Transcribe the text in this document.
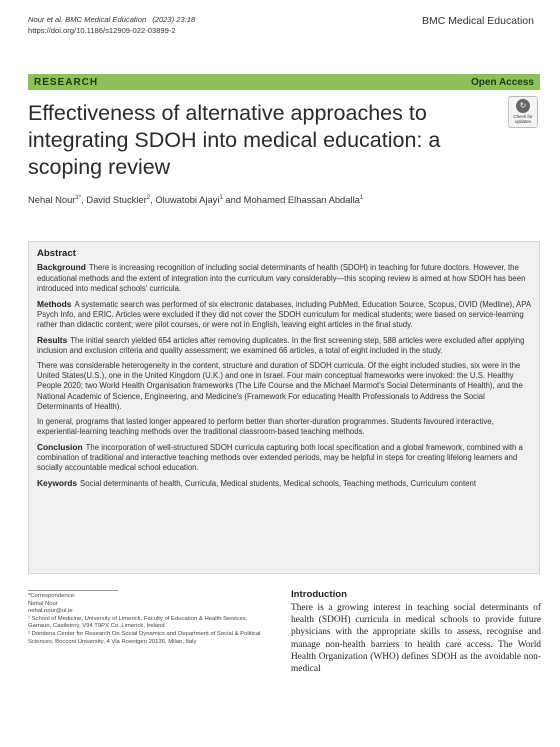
Nour et al. BMC Medical Education (2023) 23:18
https://doi.org/10.1186/s12909-022-03899-2
BMC Medical Education
RESEARCH	Open Access
Effectiveness of alternative approaches to integrating SDOH into medical education: a scoping review
↻
Check for
updates
Nehal Nour$^{1*}$, David Stuckler$^2$, Oluwatobi Ajayi$^1$ and Mohamed Elhassan Abdalla$^1$
Abstract

Background There is increasing recognition of including social determinants of health (SDOH) in teaching for future doctors. However, the educational methods and the extent of integration into the curriculum vary considerably—this scoping review is aimed at how SDOH has been introduced into medical schools' curricula.

Methods A systematic search was performed of six electronic databases, including PubMed, Education Source, Scopus, OVID (Medline), APA Psych Info, and ERIC. Articles were excluded if they did not cover the SDOH curriculum for medical students; were based on service-learning rather than didactic content; were pilot courses, or were not in English, leaving eight articles in the final study.

Results The initial search yielded 654 articles after removing duplicates. In the first screening step, 588 articles were excluded after applying inclusion and exclusion criteria and quality assessment; we examined 66 articles, a total of eight included in the study.

There was considerable heterogeneity in the content, structure and duration of SDOH curricula. Of the eight included studies, six were in the United States(U.S.), one in the United Kingdom (U.K.) and one in Israel. Four main conceptual frameworks were invoked: the U.S. Healthy People 2020; two World Health Organisation frameworks (The Life Course and the Michael Marmot's Social Determinants of Health), and the National Academic of Science, Engineering, and Medicine's (Framework For educating Health Professionals to Address the Social Determinants of Health).

In general, programs that lasted longer appeared to perform better than shorter-duration programmes. Students favoured interactive, experiential-learning teaching methods over the traditional classroom-based teaching methods.

Conclusion The incorporation of well-structured SDOH curricula capturing both local specification and a global framework, combined with a combination of traditional and interactive teaching methods over extended periods, may be helpful in steps for creating lifelong learners and socially accountable medical school education.

Keywords Social determinants of health, Curricula, Medical students, Medical schools, Teaching methods, Curriculum content

*Correspondence:
Nehal Nour
nehal.nour@ul.ie
¹ School of Medicine, University of Limerick, Faculty of Education & Health Services, Garraun, Castletroy, V94 T9PX Co. Limerick, Ireland
² Dondena Center for Research On Social Dynamics and Department of Social & Political Sciences, Bocconi University, 4 Via Roentgen 20136, Milan, Italy
Introduction

There is a growing interest in teaching social determinants of health (SDOH) curricula in medical schools to provide future physicians with the appropriate skills to assess, recognise and manage non-health barriers to health care access. The World Health Organization (WHO) defines SDOH as the avoidable non-medical
